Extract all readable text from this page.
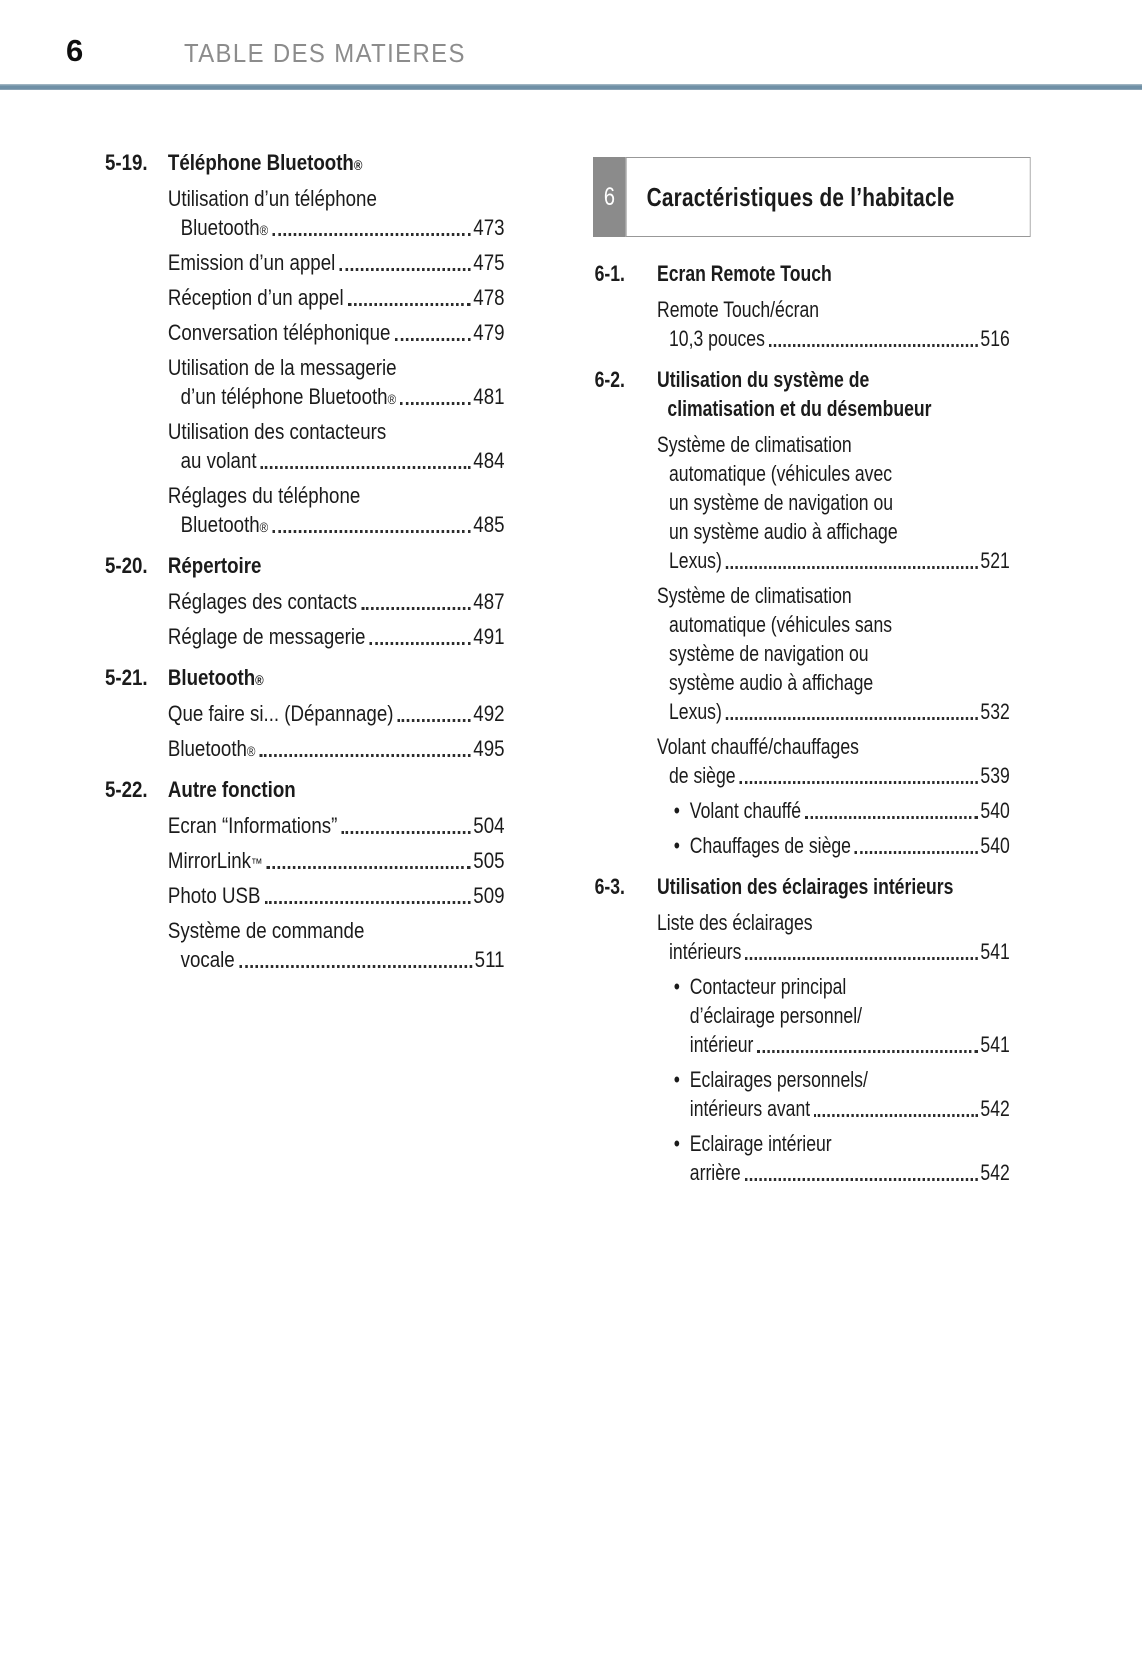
6	TABLE DES MATIERES
5-19. Téléphone Bluetooth®
Utilisation d’un téléphone
Bluetooth®	473
Emission d’un appel	475
Réception d’un appel	478
Conversation téléphonique	479
Utilisation de la messagerie
d’un téléphone Bluetooth®	481
Utilisation des contacteurs
au volant	484
Réglages du téléphone
Bluetooth®	485
5-20. Répertoire
Réglages des contacts	487
Réglage de messagerie	491
5-21. Bluetooth®
Que faire si... (Dépannage)	492
Bluetooth®	495
5-22. Autre fonction
Ecran “Informations”	504
MirrorLink™	505
Photo USB	509
Système de commande
vocale	511
6	Caractéristiques de l’habitacle
6-1.	Ecran Remote Touch
Remote Touch/écran
10,3 pouces	516
6-2.	Utilisation du système de
climatisation et du désembueur
Système de climatisation
automatique (véhicules avec
un système de navigation ou
un système audio à affichage
Lexus)	521
Système de climatisation
automatique (véhicules sans
système de navigation ou
système audio à affichage
Lexus)	532
Volant chauffé/chauffages
de siège	539
• Volant chauffé	540
• Chauffages de siège	540
6-3.	Utilisation des éclairages intérieurs
Liste des éclairages
intérieurs	541
• Contacteur principal
d’éclairage personnel/
intérieur	541
• Eclairages personnels/
intérieurs avant	542
• Eclairage intérieur
arrière	542
